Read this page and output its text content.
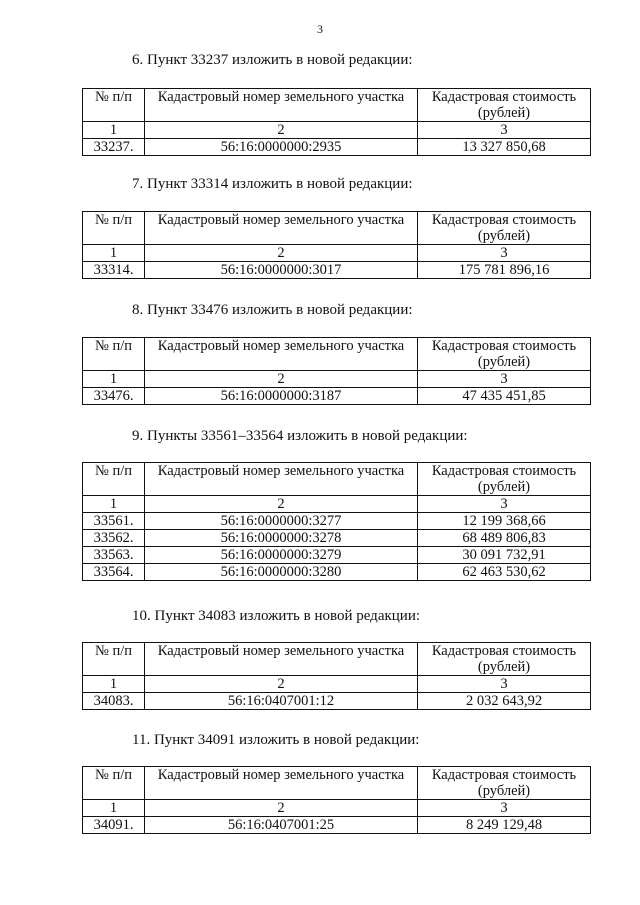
3
6. Пункт 33237 изложить в новой редакции:
№ п/п	Кадастровый номер земельного участка	Кадастровая стоимость (рублей)
1	2	3
33237.	56:16:0000000:2935	13 327 850,68
7. Пункт 33314 изложить в новой редакции:
№ п/п	Кадастровый номер земельного участка	Кадастровая стоимость (рублей)
1	2	3
33314.	56:16:0000000:3017	175 781 896,16
8. Пункт 33476 изложить в новой редакции:
№ п/п	Кадастровый номер земельного участка	Кадастровая стоимость (рублей)
1	2	3
33476.	56:16:0000000:3187	47 435 451,85
9. Пункты 33561–33564 изложить в новой редакции:
№ п/п	Кадастровый номер земельного участка	Кадастровая стоимость (рублей)
1	2	3
33561.	56:16:0000000:3277	12 199 368,66
33562.	56:16:0000000:3278	68 489 806,83
33563.	56:16:0000000:3279	30 091 732,91
33564.	56:16:0000000:3280	62 463 530,62
10. Пункт 34083 изложить в новой редакции:
№ п/п	Кадастровый номер земельного участка	Кадастровая стоимость (рублей)
1	2	3
34083.	56:16:0407001:12	2 032 643,92
11. Пункт 34091 изложить в новой редакции:
№ п/п	Кадастровый номер земельного участка	Кадастровая стоимость (рублей)
1	2	3
34091.	56:16:0407001:25	8 249 129,48
